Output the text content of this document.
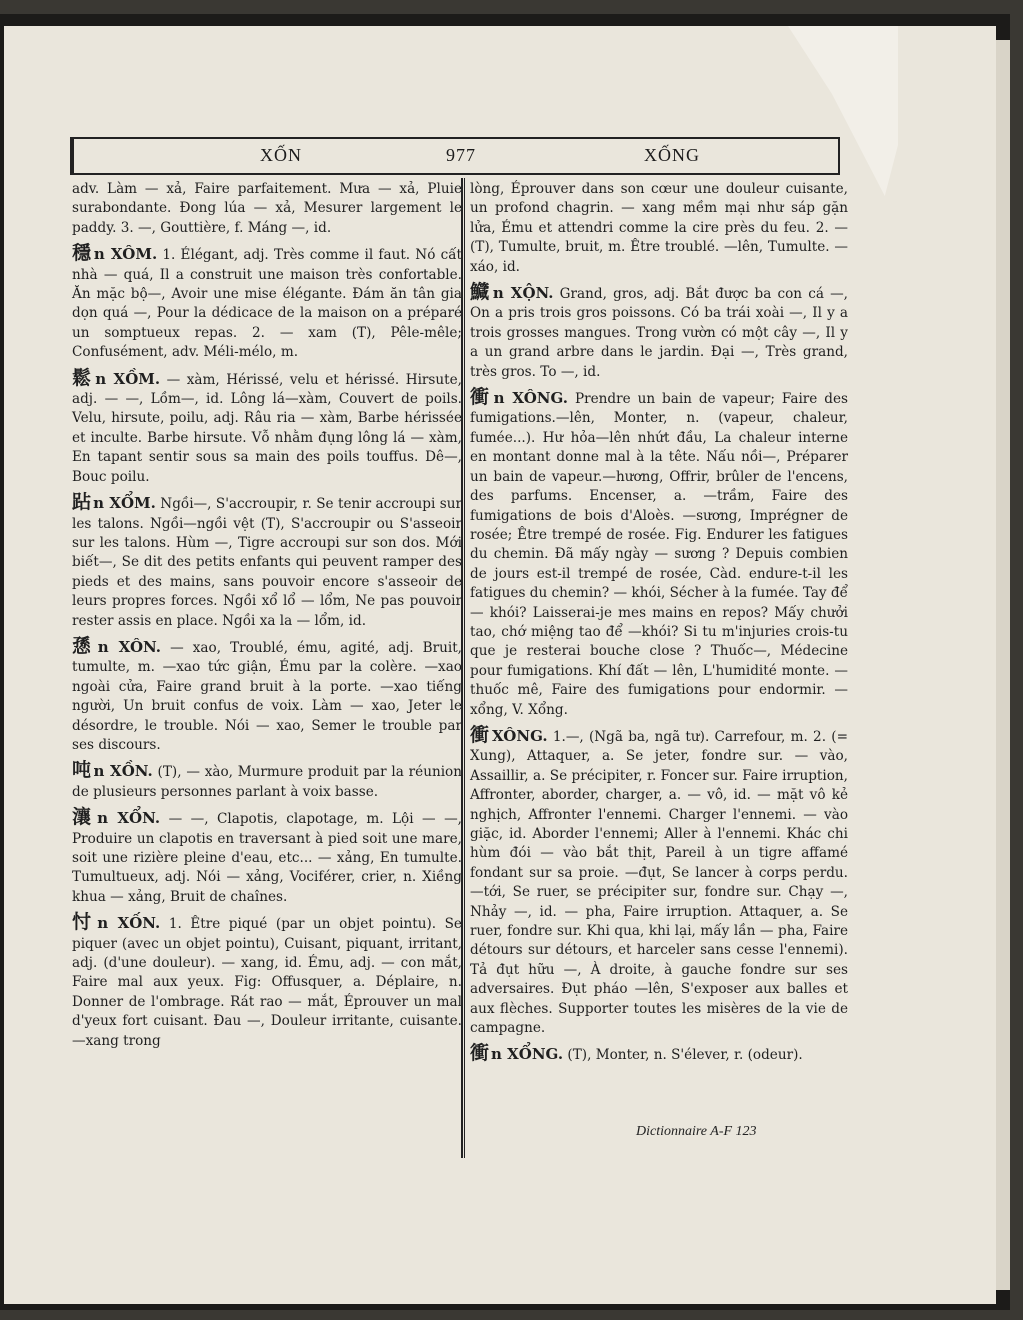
XỐN	977	XỐNG

adv. Làm — xả, Faire parfaitement. Mưa — xả, Pluie surabondante. Đong lúa — xả, Mesurer largement le paddy. 3. —, Gouttière, f. Máng —, id.

穩 n XÔM. 1. Élégant, adj. Très comme il faut. Nó cất nhà — quá, Il a construit une maison très confortable. Ăn mặc bộ—, Avoir une mise élégante. Đám ăn tân gia dọn quá —, Pour la dédicace de la maison on a préparé un somptueux repas. 2. — xam (T), Pêle-mêle; Confusément, adv. Méli-mélo, m.

鬆 n XỒM. — xàm, Hérissé, velu et hérissé. Hirsute, adj. — —, Lồm—, id. Lông lá—xàm, Couvert de poils. Velu, hirsute, poilu, adj. Râu ria — xàm, Barbe hérissée et inculte. Barbe hirsute. Vỗ nhằm đụng lông lá — xàm, En tapant sentir sous sa main des poils touffus. Dê—, Bouc poilu.

跕 n XỔM. Ngồi—, S'accroupir, r. Se tenir accroupi sur les talons. Ngồi—ngồi vệt (T), S'accroupir ou S'asseoir sur les talons. Hùm —, Tigre accroupi sur son dos. Mới biết—, Se dit des petits enfants qui peuvent ramper des pieds et des mains, sans pouvoir encore s'asseoir de leurs propres forces. Ngồi xổ lổ — lổm, Ne pas pouvoir rester assis en place. Ngồi xa la — lổm, id.

愻 n XÔN. — xao, Troublé, ému, agité, adj. Bruit, tumulte, m. —xao tức giận, Ému par la colère. —xao ngoài cửa, Faire grand bruit à la porte. —xao tiếng người, Un bruit confus de voix. Làm — xao, Jeter le désordre, le trouble. Nói — xao, Semer le trouble par ses discours.

吨 n XỒN. (T), — xào, Murmure produit par la réunion de plusieurs personnes parlant à voix basse.

瀼 n XỔN. — —, Clapotis, clapotage, m. Lội — —, Produire un clapotis en traversant à pied soit une mare, soit une rizière pleine d'eau, etc... — xảng, En tumulte. Tumultueux, adj. Nói — xảng, Vociférer, crier, n. Xiềng khua — xảng, Bruit de chaînes.

忖 n XỐN. 1. Être piqué (par un objet pointu). Se piquer (avec un objet pointu), Cuisant, piquant, irritant, adj. (d'une douleur). — xang, id. Ému, adj. — con mắt, Faire mal aux yeux. Fig: Offusquer, a. Déplaire, n. Donner de l'ombrage. Rát rao — mắt, Éprouver un mal d'yeux fort cuisant. Đau —, Douleur irritante, cuisante. —xang trong

lòng, Éprouver dans son cœur une douleur cuisante, un profond chagrin. — xang mềm mại như sáp gặn lửa, Ému et attendri comme la cire près du feu. 2. — (T), Tumulte, bruit, m. Être troublé. —lên, Tumulte. — xáo, id.

鱵 n XỘN. Grand, gros, adj. Bắt được ba con cá —, On a pris trois gros poissons. Có ba trái xoài —, Il y a trois grosses mangues. Trong vườn có một cây —, Il y a un grand arbre dans le jardin. Đại —, Très grand, très gros. To —, id.

衝 n XÔNG. Prendre un bain de vapeur; Faire des fumigations.—lên, Monter, n. (vapeur, chaleur, fumée...). Hư hỏa—lên nhứt đầu, La chaleur interne en montant donne mal à la tête. Nấu nồi—, Préparer un bain de vapeur.—hương, Offrir, brûler de l'encens, des parfums. Encenser, a. —trầm, Faire des fumigations de bois d'Aloès. —sương, Imprégner de rosée; Être trempé de rosée. Fig. Endurer les fatigues du chemin. Đã mấy ngày — sương ? Depuis combien de jours est-il trempé de rosée, Càd. endure-t-il les fatigues du chemin? — khói, Sécher à la fumée. Tay để — khói? Laisserai-je mes mains en repos? Mấy chưởi tao, chớ miệng tao để —khói? Si tu m'injuries crois-tu que je resterai bouche close ? Thuốc—, Médecine pour fumigations. Khí đất — lên, L'humidité monte. — thuốc mê, Faire des fumigations pour endormir. — xổng, V. Xổng.

衝 XÔNG. 1.—, (Ngã ba, ngã tư). Carrefour, m. 2. (= Xung), Attaquer, a. Se jeter, fondre sur. — vào, Assaillir, a. Se précipiter, r. Foncer sur. Faire irruption, Affronter, aborder, charger, a. — vô, id. — mặt vô kẻ nghịch, Affronter l'ennemi. Charger l'ennemi. — vào giặc, id. Aborder l'ennemi; Aller à l'ennemi. Khác chi hùm đói — vào bắt thịt, Pareil à un tigre affamé fondant sur sa proie. —đụt, Se lancer à corps perdu. —tới, Se ruer, se précipiter sur, fondre sur. Chạy —, Nhảy —, id. — pha, Faire irruption. Attaquer, a. Se ruer, fondre sur. Khi qua, khi lại, mấy lần — pha, Faire détours sur détours, et harceler sans cesse l'ennemi). Tả đụt hữu —, À droite, à gauche fondre sur ses adversaires. Đụt pháo —lên, S'exposer aux balles et aux flèches. Supporter toutes les misères de la vie de campagne.

衝 n XỔNG. (T), Monter, n. S'élever, r. (odeur).

Dictionnaire A-F 123
